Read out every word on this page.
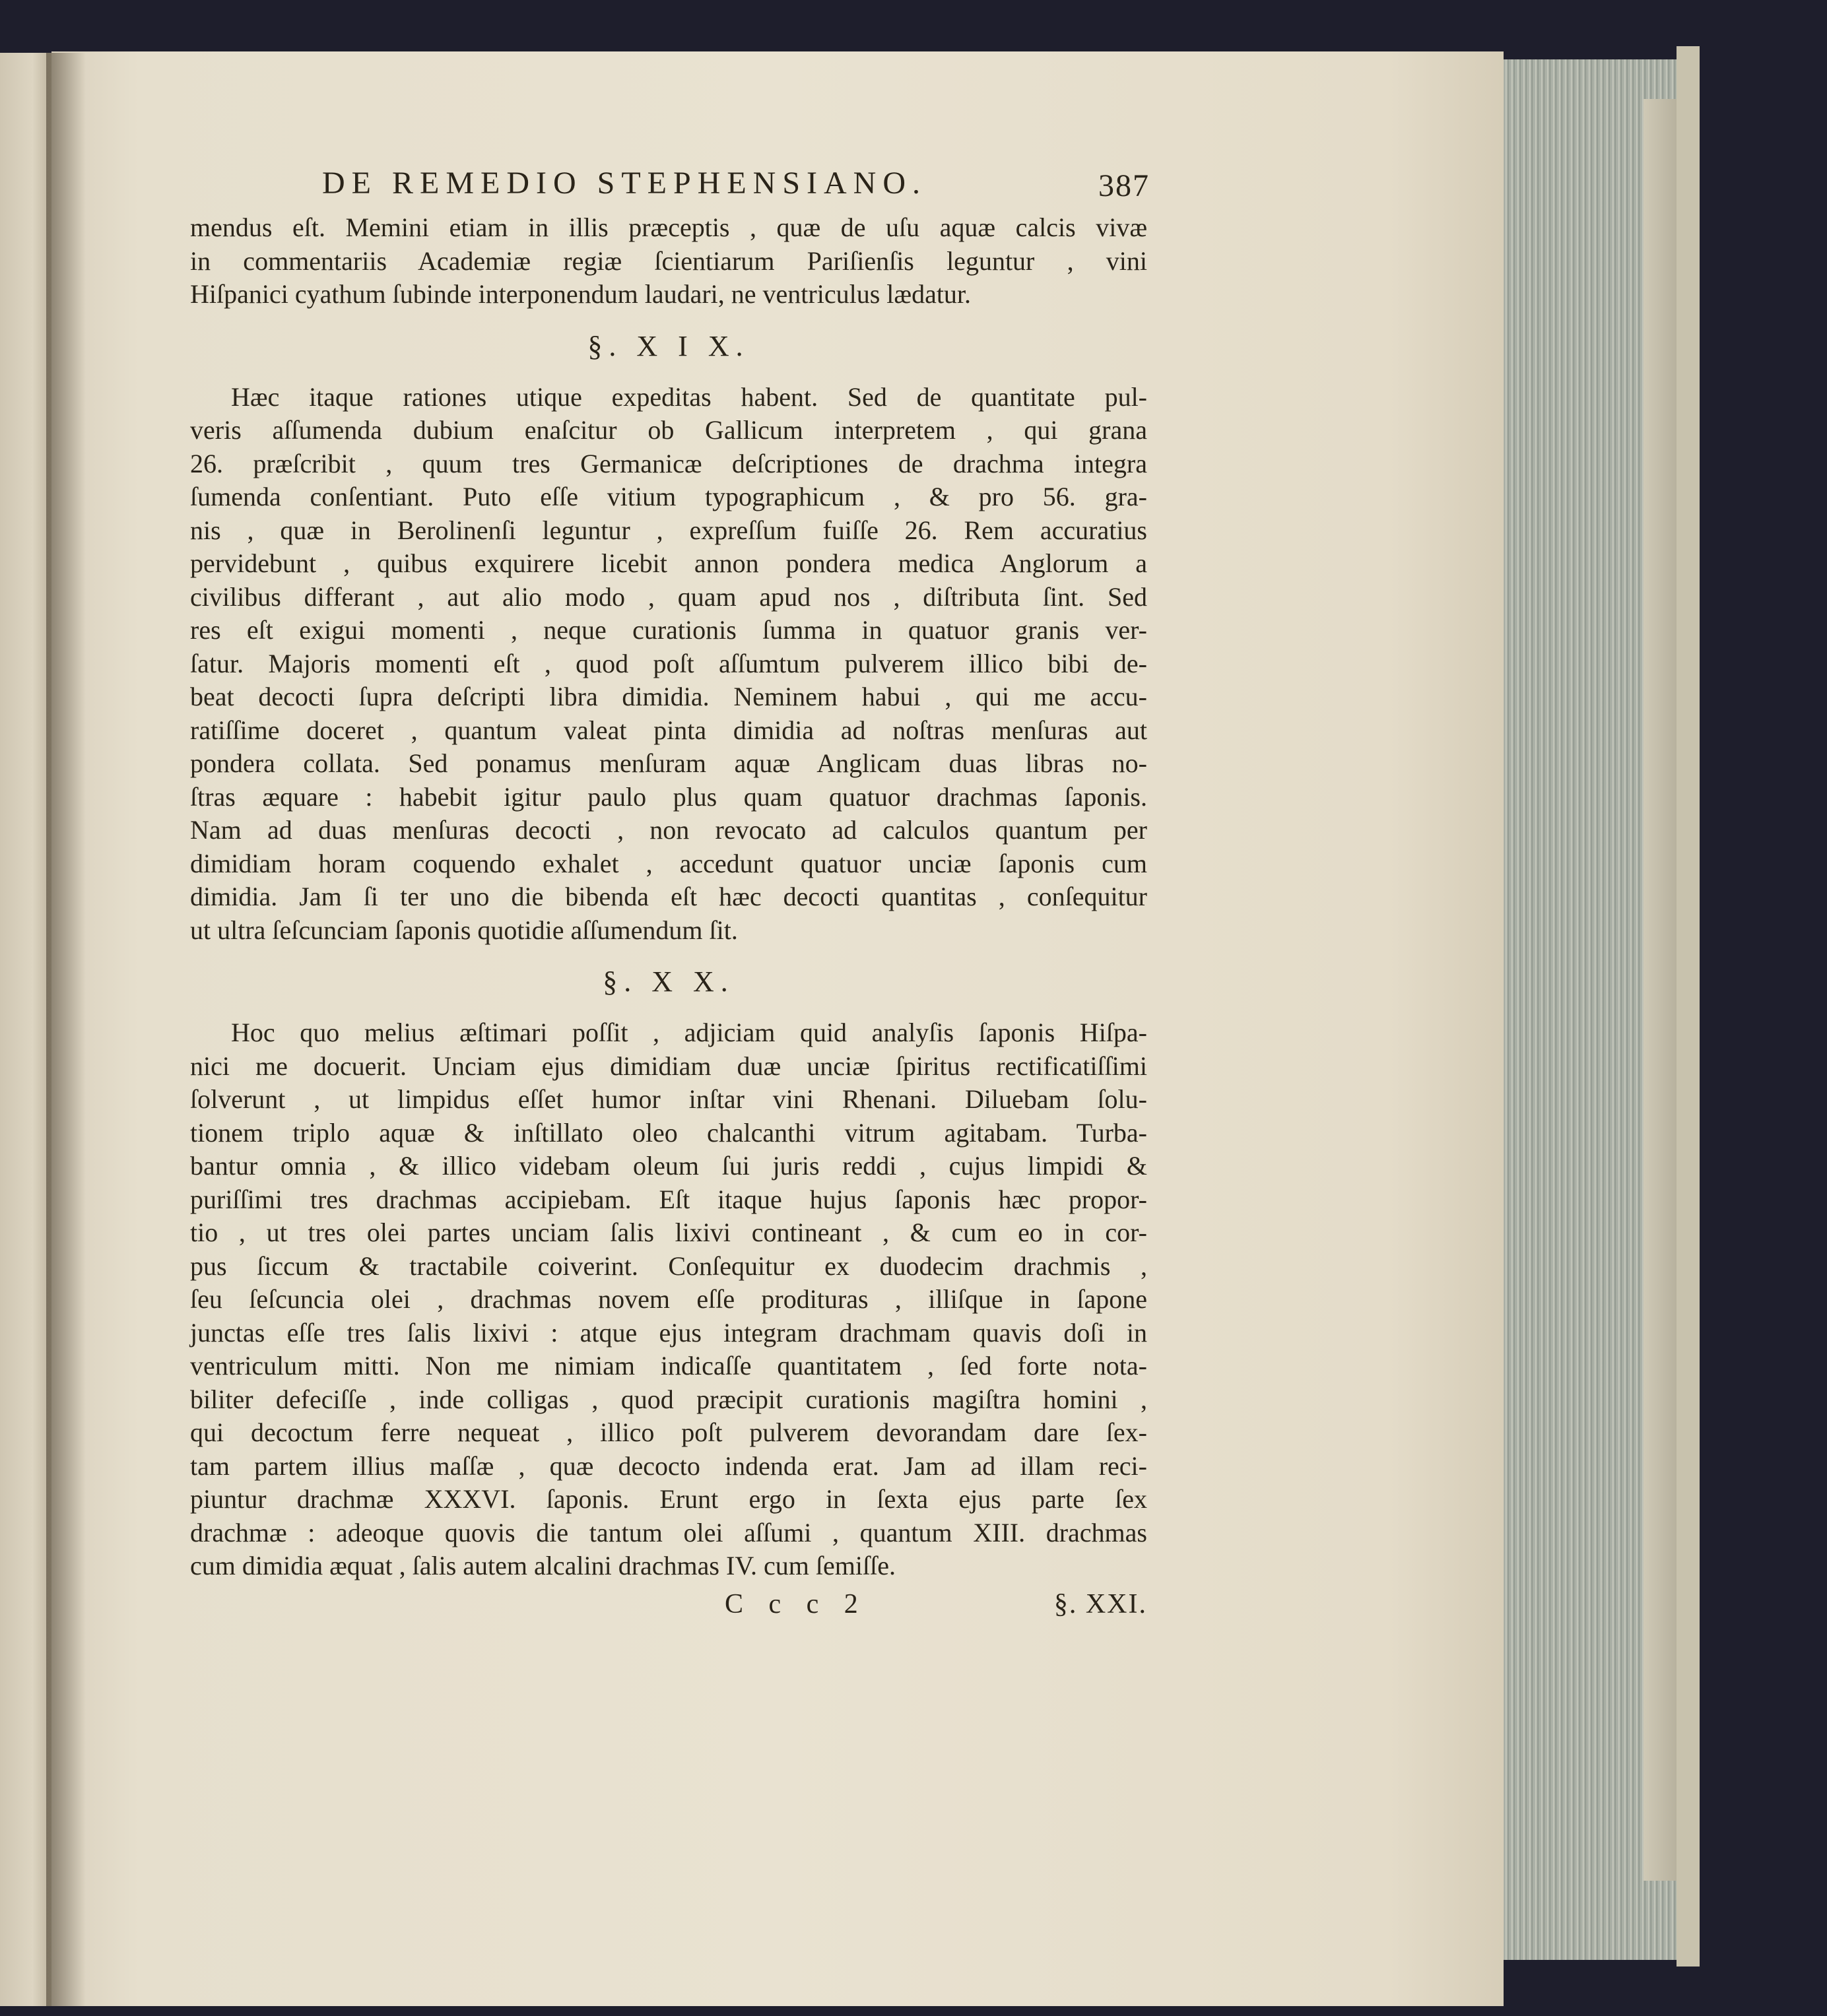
DE REMEDIO STEPHENSIANO.	387

mendus eſt. Memini etiam in illis præceptis , quæ de uſu aquæ calcis vivæ
in commentariis Academiæ regiæ ſcientiarum Pariſienſis leguntur , vini
Hiſpanici cyathum ſubinde interponendum laudari, ne ventriculus lædatur.

§. X I X.

Hæc itaque rationes utique expeditas habent. Sed de quantitate pul-
veris aſſumenda dubium enaſcitur ob Gallicum interpretem , qui grana
26. præſcribit , quum tres Germanicæ deſcriptiones de drachma integra
ſumenda conſentiant. Puto eſſe vitium typographicum , & pro 56. gra-
nis , quæ in Berolinenſi leguntur , expreſſum fuiſſe 26. Rem accuratius
pervidebunt , quibus exquirere licebit annon pondera medica Anglorum a
civilibus differant , aut alio modo , quam apud nos , diſtributa ſint. Sed
res eſt exigui momenti , neque curationis ſumma in quatuor granis ver-
ſatur. Majoris momenti eſt , quod poſt aſſumtum pulverem illico bibi de-
beat decocti ſupra deſcripti libra dimidia. Neminem habui , qui me accu-
ratiſſime doceret , quantum valeat pinta dimidia ad noſtras menſuras aut
pondera collata. Sed ponamus menſuram aquæ Anglicam duas libras no-
ſtras æquare : habebit igitur paulo plus quam quatuor drachmas ſaponis.
Nam ad duas menſuras decocti , non revocato ad calculos quantum per
dimidiam horam coquendo exhalet , accedunt quatuor unciæ ſaponis cum
dimidia. Jam ſi ter uno die bibenda eſt hæc decocti quantitas , conſequitur
ut ultra ſeſcunciam ſaponis quotidie aſſumendum ſit.

§. X X.

Hoc quo melius æſtimari poſſit , adjiciam quid analyſis ſaponis Hiſpa-
nici me docuerit. Unciam ejus dimidiam duæ unciæ ſpiritus rectificatiſſimi
ſolverunt , ut limpidus eſſet humor inſtar vini Rhenani. Diluebam ſolu-
tionem triplo aquæ & inſtillato oleo chalcanthi vitrum agitabam. Turba-
bantur omnia , & illico videbam oleum ſui juris reddi , cujus limpidi &
puriſſimi tres drachmas accipiebam. Eſt itaque hujus ſaponis hæc propor-
tio , ut tres olei partes unciam ſalis lixivi contineant , & cum eo in cor-
pus ſiccum & tractabile coiverint. Conſequitur ex duodecim drachmis ,
ſeu ſeſcuncia olei , drachmas novem eſſe prodituras , illiſque in ſapone
junctas eſſe tres ſalis lixivi : atque ejus integram drachmam quavis doſi in
ventriculum mitti. Non me nimiam indicaſſe quantitatem , ſed forte nota-
biliter defeciſſe , inde colligas , quod præcipit curationis magiſtra homini ,
qui decoctum ferre nequeat , illico poſt pulverem devorandam dare ſex-
tam partem illius maſſæ , quæ decocto indenda erat. Jam ad illam reci-
piuntur drachmæ XXXVI. ſaponis. Erunt ergo in ſexta ejus parte ſex
drachmæ : adeoque quovis die tantum olei aſſumi , quantum XIII. drachmas
cum dimidia æquat , ſalis autem alcalini drachmas IV. cum ſemiſſe.

C c c 2	§. XXI.
